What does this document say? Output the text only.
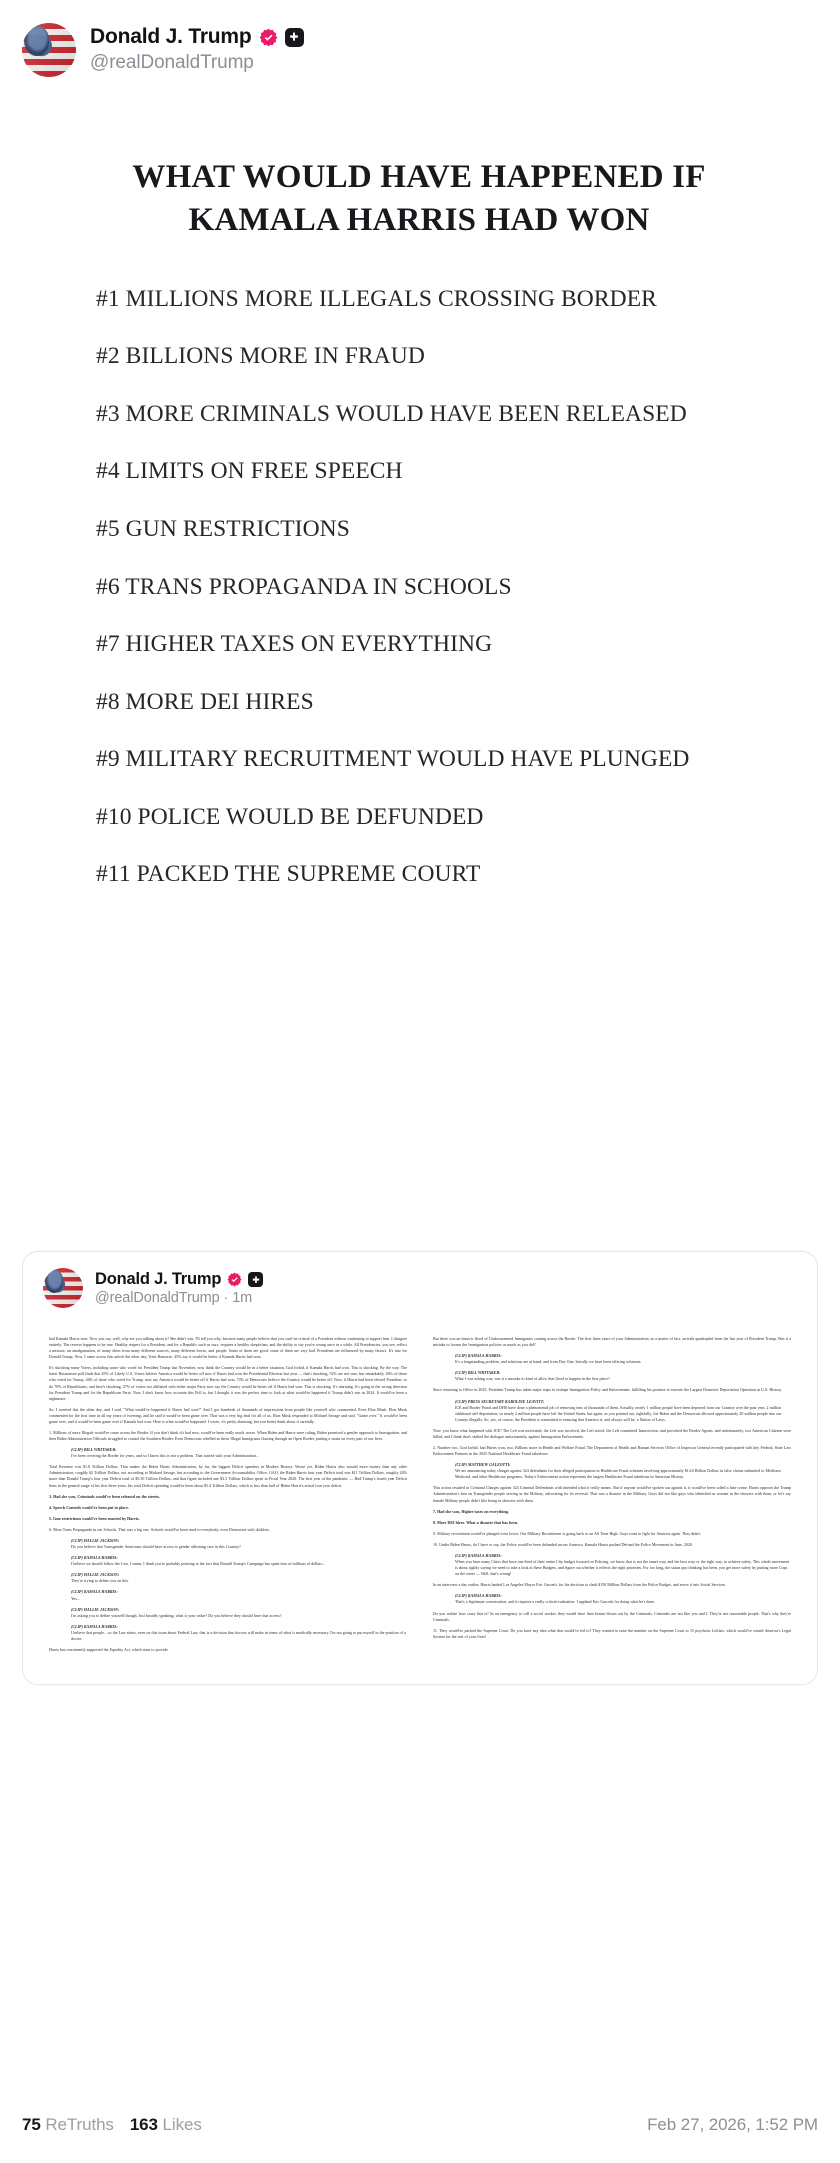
Donald J. Trump
@realDonaldTrump
WHAT WOULD HAVE HAPPENED IF
KAMALA HARRIS HAD WON
#1 MILLIONS MORE ILLEGALS CROSSING BORDER
#2 BILLIONS MORE IN FRAUD
#3 MORE CRIMINALS WOULD HAVE BEEN RELEASED
#4 LIMITS ON FREE SPEECH
#5 GUN RESTRICTIONS
#6 TRANS PROPAGANDA IN SCHOOLS
#7 HIGHER TAXES ON EVERYTHING
#8 MORE DEI HIRES
#9 MILITARY RECRUITMENT WOULD HAVE PLUNGED
#10 POLICE WOULD BE DEFUNDED
#11 PACKED THE SUPREME COURT
Donald J. Trump
@realDonaldTrump · 1m

had Kamala Harris won. Now you say, well, why are you talking about it? She didn't win, I'll tell you why, because many people believe that you can't be critical of a President without continuing to support him. I disagree entirely. The reverse happens to be true. Healthy respect for a President, and for a Republic such as ours, requires a healthy skepticism, and the ability to say you're wrong once in a while. All Presidencies, you see, reflect a mixture, an amalgamation, of many ideas from many different sources, many different forces, and people. Some of them are good, some of them are very bad. Presidents are influenced by many factors. It's true for Donald Trump. Now, I came across this article the other day, Voter Remorse, 45% say it would be better if Kamala Harris had won.

It's shocking many Voters, including some who voted for President Trump last November, now think the Country would be in a better situation, God forbid, if Kamala Harris had won. This is shocking. By the way. The latest Rasmussen poll finds that 45% of Likely U.S. Voters believe America would be better off now if Harris had won the Presidential Election last year — that's shocking, 52% are not sure, but remarkably, 26% of those who voted for Trump, 26% of those who voted for Trump, now say America would be better off if Harris had won. 74% of Democrats believe the Country would be better off. Now, if Harris had been elected President, so do 70% of Republicans, and here's shocking, 37% of voters not affiliated with either major Party now say the Country would be better off if Harris had won. This is shocking. It's alarming. It's going in the wrong direction for President Trump and for the Republican Party. Now, I don't know how accurate this Poll is, but I thought it was the perfect time to look at what would've happened if Trump didn't win in 2024. It would've been a nightmare.

So, I tweeted this the other day, and I said, "What would've happened if Harris had won?" And I got hundreds of thousands of impressions from people like yourself who commented. Even Elon Musk. Elon Musk commented for the first time in all my years of tweeting, and he said it would've been game over. That was a very big deal for all of us. Elon Musk responded to Michael Savage and said, "Game over." It would've been game over, and it would've been game over if Kamala had won. Here is what would've happened. I wrote, it's pretty alarming, but you better think about it carefully.

1. Millions of more Illegals would've come across the Border. If you don't think it's bad now, would've been really much worse. When Biden and Harris were ruling, Biden promised a gentler approach to Immigration, and then Biden Administration Officials struggled to control the Southern Border. Even Democrats rebelled as these Illegal Immigrants floating through an Open Border, putting a strain on every part of our lives.

(CLIP) BILL WHITAKER:

I've been covering the Border for years, and so I know this is not a problem. That started with your Administration...

Total Revenue was $1.8 Trillion Dollars. That makes the Biden Harris Administration, by far, the biggest Deficit spenders in Modern History. Worse yet, Biden Harris also wasted more money than any other Administration, roughly $2 Trillion Dollars, not according to Michael Savage, but according to the Government Accountability Office, GAO, the Biden Harris four year Deficit total was $11 Trillion Dollars, roughly 24% more than Donald Trump's four year Deficit total of $5.50 Trillion Dollars, and that figure included one $3.3 Trillion Dollars spent in Fiscal Year 2020. The first year of the pandemic — Had Trump's fourth year Deficit been in the general range of his first three years, his total Deficit spending would've been about $5.4 Trillion Dollars, which is less than half of Biden Harris's actual four year deficit.

3. Had she won, Criminals would've been released on the streets.

4. Speech Controls would've been put in place.

5. Gun restrictions would've been enacted by Harris.

6. More Trans Propaganda in our Schools. That was a big one. Schools would've been used to everybody, even Democrats with children.

(CLIP) HALLIE JACKSON:

Do you believe that Transgender Americans should have access to gender affirming care in this Country?

(CLIP) KAMALA HARRIS:

I believe we should follow the Law. I mean, I think you're probably pointing to the fact that Donald Trump's Campaign has spent tens of millions of dollars...

(CLIP) HALLIE JACKSON:

They're trying to define you on this.

(CLIP) KAMALA HARRIS:

Yes...

(CLIP) HALLIE JACKSON:

I'm asking you to define yourself though. Just broadly speaking, what is your value? Do you believe they should have that access?

(CLIP) KAMALA HARRIS:

I believe that people... so the Law states, even on this issue about Federal Law, that is a decision that doctors will make in terms of what is medically necessary. I'm not going to put myself in the position of a doctor.

Harris has consistently supported the Equality Act, which aims to provide

But there was an historic flood of Undocumented Immigrants coming across the Border. The first three years of your Administration, as a matter of fact, arrivals quadrupled from the last year of President Trump. Was it a mistake to loosen the Immigration policies as much as you did?

(CLIP) KAMALA HARRIS:

It's a longstanding problem, and solutions are at hand, and from Day One, literally we have been offering solutions.

(CLIP) BILL WHITAKER:

What I was asking was, was it a mistake to kind of allow that flood to happen in the first place?

Since returning to Office in 2025, President Trump has taken major steps to reshape Immigration Policy and Enforcement, fulfilling his promise to execute the Largest Domestic Deportation Operation in U.S. History.

(CLIP) PRESS SECRETARY KAROLINE LEAVITT:

ICE and Border Patrol and DHS have done a phenomenal job of removing tens of thousands of them. Actually, nearly 1 million people have been deported from our Country over the past year, 2 million additional self deportation, so nearly 2 million people have left the United States, but again, as you pointed out, rightfully, Joe Biden and the Democrats allowed approximately 20 million people into our Country illegally. So, yes, of course, the President is committed to ensuring that America is, and always will be, a Nation of Laws.

Now, you know what happened with ICE? The Left was motivated, the Left was involved, the Left rioted, the Left committed Insurrection, and provoked the Border Agents, and unfortunately, two American Citizens were killed, and I think that's shifted the dialogue unfortunately, against Immigration Enforcement.

2. Number two, God forbid, had Harris won, two, Billions more in Health and Welfare Fraud. The Department of Health and Human Services Office of Inspector General recently participated with key Federal, State Law Enforcement Partners in the 2025 National Healthcare Fraud takedown.

(CLIP) MATTHEW GALEOTTI:

We are announcing today charges against 324 defendants for their alleged participation in Healthcare Fraud schemes involving approximately $14.6 Billion Dollars in false claims submitted to Medicare, Medicaid, and other Healthcare programs. Today's Enforcement action represents the largest Healthcare Fraud takedown in American History.

This action resulted in Criminal Charges against 324 Criminal Defendants with intended what it really means. But if anyone would've spoken out against it, it would've been called a hate crime. Harris opposes the Trump Administration's ban on Transgender people serving in the Military, advocating for its reversal. That was a disaster in the Military. Guys did not like guys who identified as women in the showers with them, or let's say female Military people didn't like being in showers with them.

7. Had she won, Higher taxes on everything.

8. More DEI hires. What a disaster that has been.

9. Military recruitment would've plunged even lower. Our Military Recruitment is going back to an All Time High. Guys want to fight for America again. They didn't.

10. Under Biden Harris, do I have to say, the Police would've been defunded across America. Kamala Harris pushed Defund the Police Movement in June, 2020.

(CLIP) KAMALA HARRIS:

When you have many Cities that have one third of their entire City budget focused on Policing, we know that is not the smart way, and the best way, or the right way, to achieve safety. This whole movement is about rightly saying we need to take a look at these Budgets, and figure out whether it reflects the right priorities. For too long, the status quo thinking has been, you get more safety by putting more Cops on the street — Well, that's wrong!

In an interview a day earlier, Harris lauded Los Angeles Mayor Eric Garcetti, for his decision to slash $150 Million Dollars from the Police Budget, and move it into Social Services.

(CLIP) KAMALA HARRIS:

That's a legitimate conversation, and it requires a really critical evaluation. I applaud Eric Garcetti for doing what he's done.

Do you realize how crazy that is? In an emergency to call a social worker, they would have their brains blown out by the Criminals. Criminals are not like you and I. They're not reasonable people. That's why they're Criminals.

11. They would've packed the Supreme Court. Do you have any idea what that would've led to? They wanted to raise the number on the Supreme Court to 15 psychotic Leftists, which would've ruined America's Legal System for the rest of your lives!

75 ReTruths 163 Likes	Feb 27, 2026, 1:52 PM
